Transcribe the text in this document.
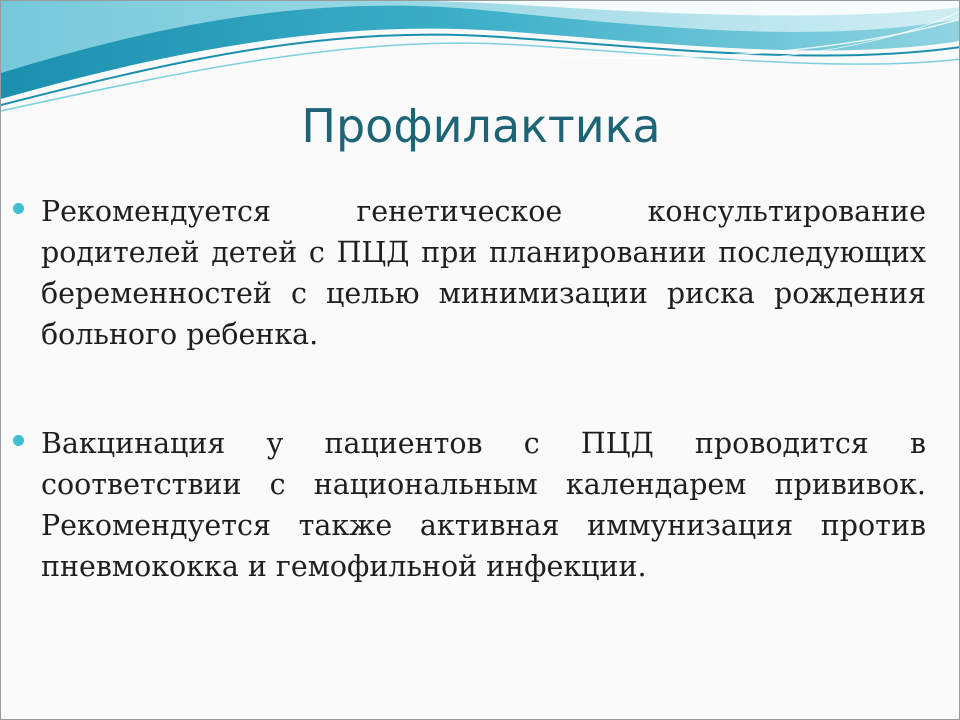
Профилактика
Рекомендуется генетическое консультирование родителей детей с ПЦД при планировании последующих беременностей с целью минимизации риска рождения больного ребенка.
Вакцинация у пациентов с ПЦД проводится в соответствии с национальным календарем прививок. Рекомендуется также активная иммунизация против пневмококка и гемофильной инфекции.
